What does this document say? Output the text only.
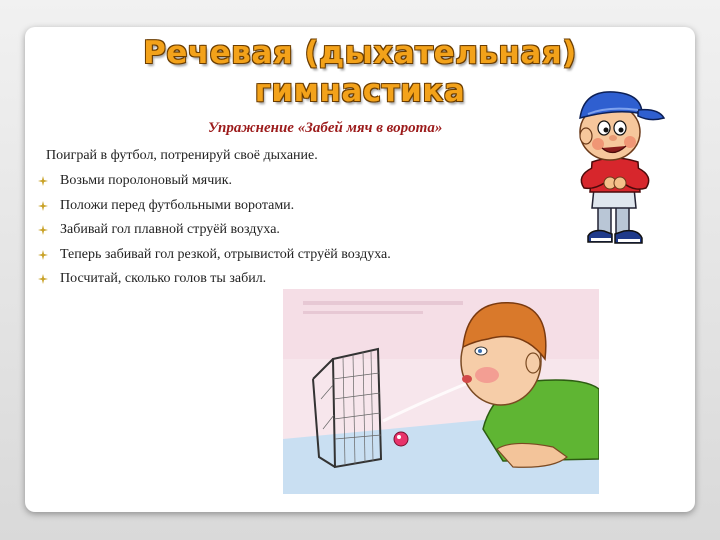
Речевая (дыхательная)
гимнастика
Упражнение «Забей мяч в ворота»
Поиграй в футбол, потренируй своё дыхание.
Возьми поролоновый мячик.
Положи перед футбольными воротами.
Забивай гол плавной струёй воздуха.
Теперь забивай гол резкой, отрывистой струёй воздуха.
Посчитай, сколько голов ты забил.
